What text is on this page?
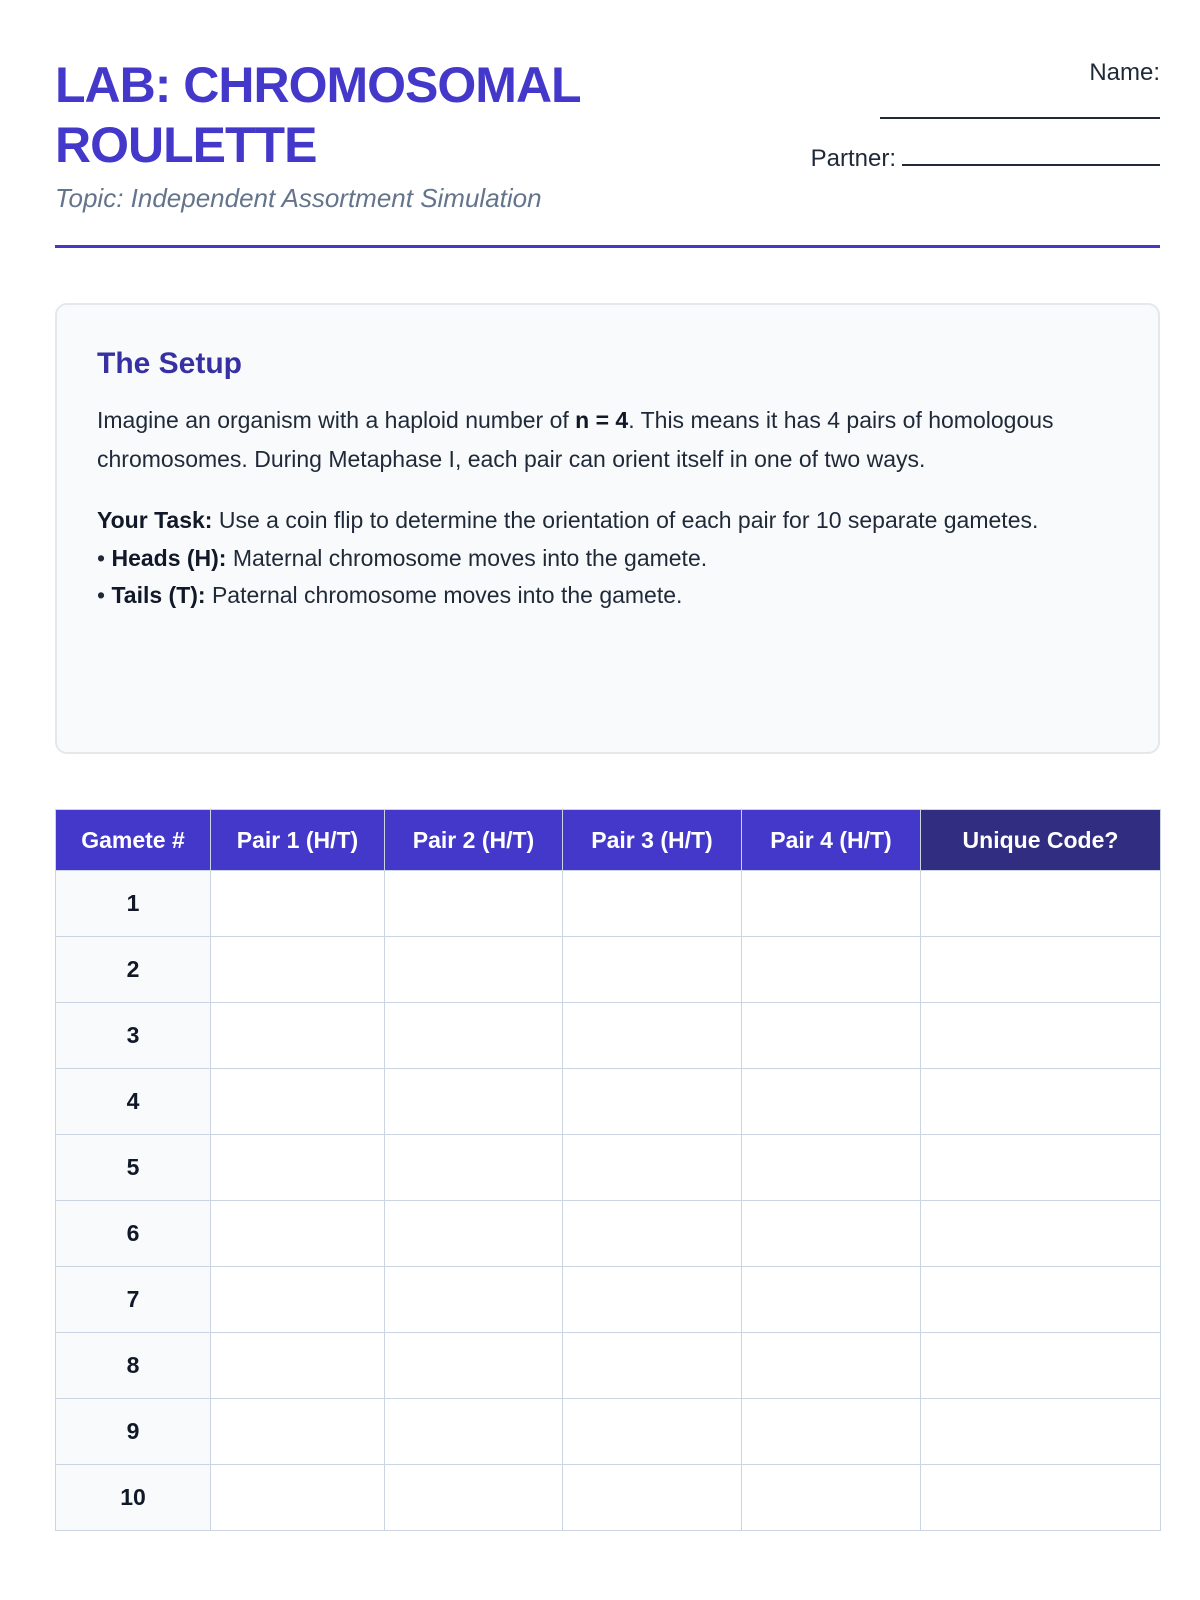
LAB: CHROMOSOMAL
ROULETTE
Topic: Independent Assortment Simulation
Name:
Partner:
The Setup

Imagine an organism with a haploid number of n = 4. This means it has 4 pairs of homologous chromosomes. During Metaphase I, each pair can orient itself in one of two ways.

Your Task: Use a coin flip to determine the orientation of each pair for 10 separate gametes.

• Heads (H): Maternal chromosome moves into the gamete.

• Tails (T): Paternal chromosome moves into the gamete.

Gamete #	Pair 1 (H/T)	Pair 2 (H/T)	Pair 3 (H/T)	Pair 4 (H/T)	Unique Code?
1					
2					
3					
4					
5					
6					
7					
8					
9					
10					
